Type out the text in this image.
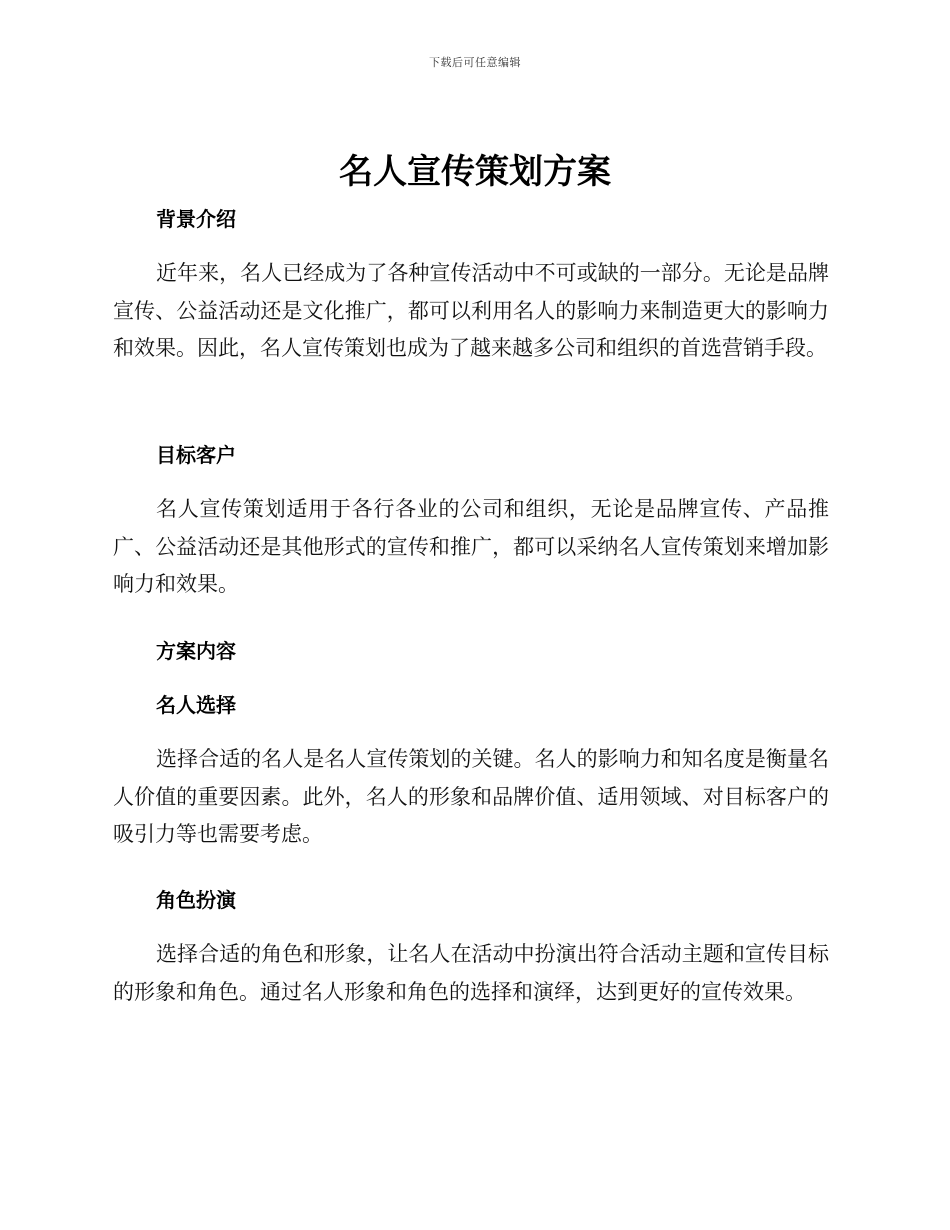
下载后可任意编辑
名人宣传策划方案
背景介绍

近年来，名人已经成为了各种宣传活动中不可或缺的一部分。无论是品牌宣传、公益活动还是文化推广，都可以利用名人的影响力来制造更大的影响力和效果。因此，名人宣传策划也成为了越来越多公司和组织的首选营销手段。

目标客户

名人宣传策划适用于各行各业的公司和组织，无论是品牌宣传、产品推广、公益活动还是其他形式的宣传和推广，都可以采纳名人宣传策划来增加影响力和效果。

方案内容
名人选择

选择合适的名人是名人宣传策划的关键。名人的影响力和知名度是衡量名人价值的重要因素。此外，名人的形象和品牌价值、适用领域、对目标客户的吸引力等也需要考虑。

角色扮演

选择合适的角色和形象，让名人在活动中扮演出符合活动主题和宣传目标的形象和角色。通过名人形象和角色的选择和演绎，达到更好的宣传效果。
